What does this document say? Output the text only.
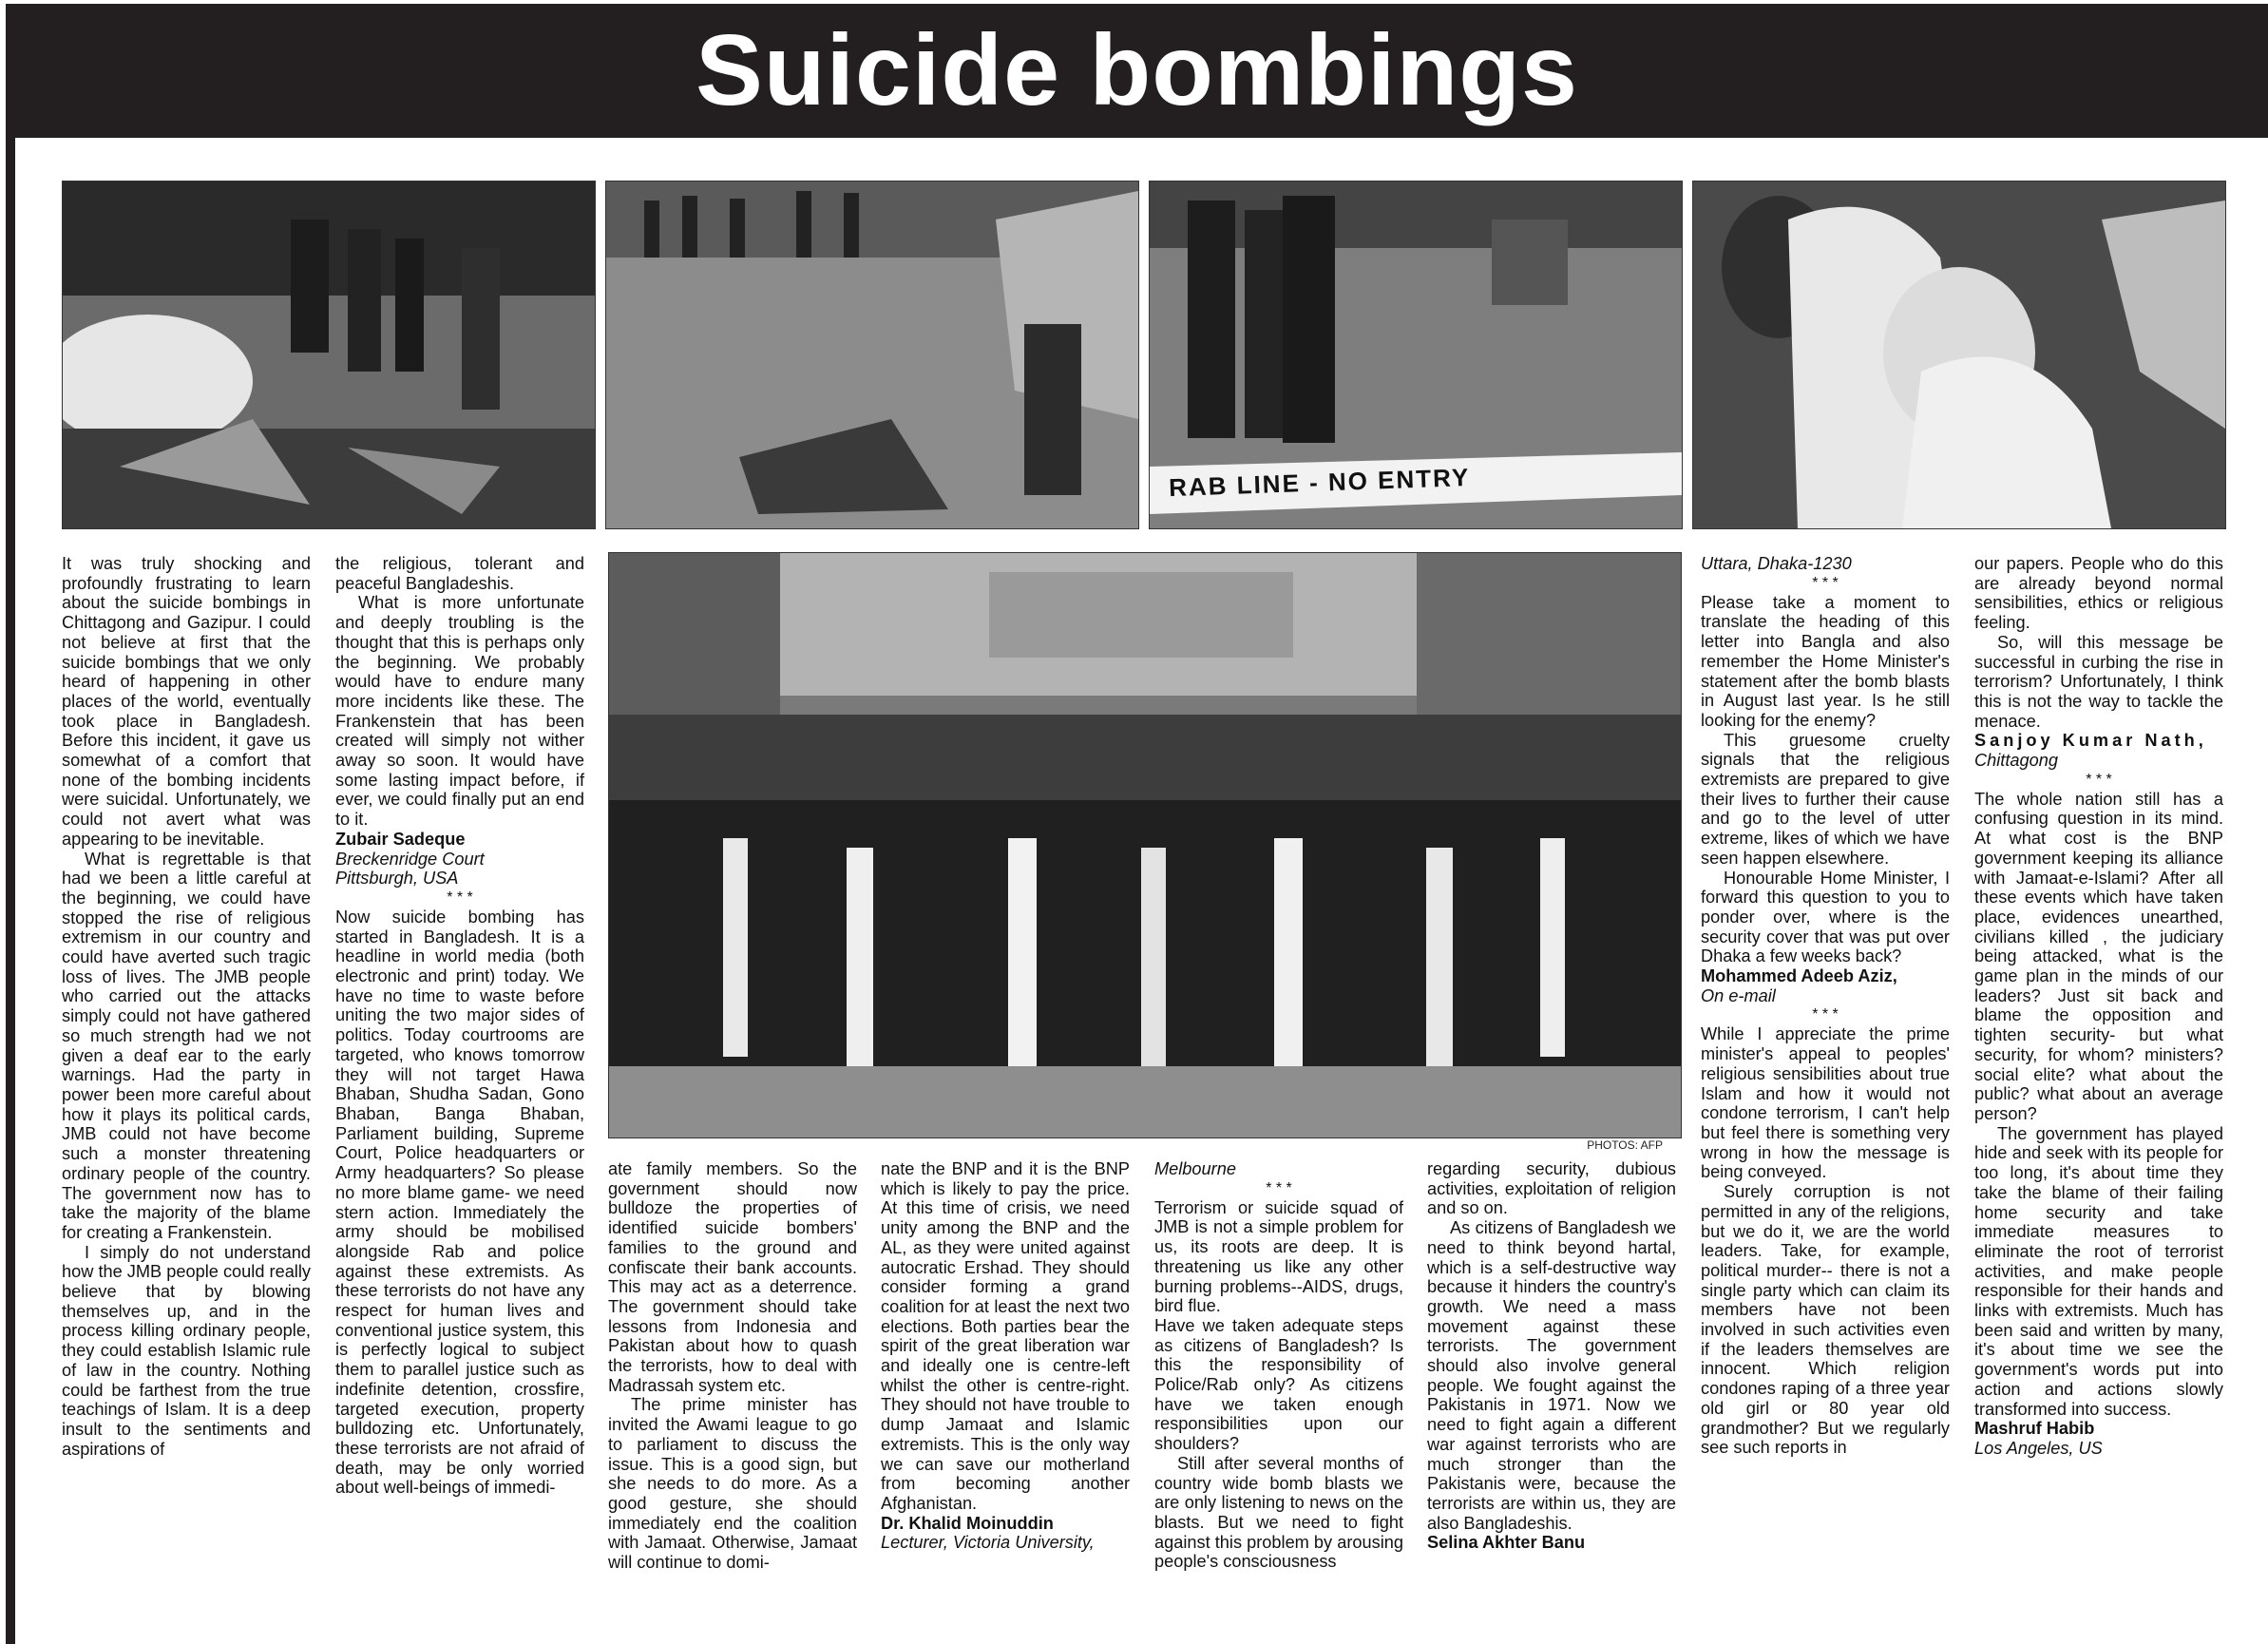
Suicide bombings
RAB LINE - NO ENTRY
PHOTOS: AFP

It was truly shocking and profoundly frustrating to learn about the suicide bombings in Chittagong and Gazipur. I could not believe at first that the suicide bombings that we only heard of happening in other places of the world, eventually took place in Bangladesh. Before this incident, it gave us somewhat of a comfort that none of the bombing incidents were suicidal. Unfortunately, we could not avert what was appearing to be inevitable.

What is regrettable is that had we been a little careful at the beginning, we could have stopped the rise of religious extremism in our country and could have averted such tragic loss of lives. The JMB people who carried out the attacks simply could not have gathered so much strength had we not given a deaf ear to the early warnings. Had the party in power been more careful about how it plays its political cards, JMB could not have become such a monster threatening ordinary people of the country. The government now has to take the majority of the blame for creating a Frankenstein.

I simply do not understand how the JMB people could really believe that by blowing themselves up, and in the process killing ordinary people, they could establish Islamic rule of law in the country. Nothing could be farthest from the true teachings of Islam. It is a deep insult to the sentiments and aspirations of

the religious, tolerant and peaceful Bangladeshis.

What is more unfortunate and deeply troubling is the thought that this is perhaps only the beginning. We probably would have to endure many more incidents like these. The Frankenstein that has been created will simply not wither away so soon. It would have some lasting impact before, if ever, we could finally put an end to it.

Zubair Sadeque
Breckenridge Court
Pittsburgh, USA
* * *

Now suicide bombing has started in Bangladesh. It is a headline in world media (both electronic and print) today. We have no time to waste before uniting the two major sides of politics. Today courtrooms are targeted, who knows tomorrow they will not target Hawa Bhaban, Shudha Sadan, Gono Bhaban, Banga Bhaban, Parliament building, Supreme Court, Police headquarters or Army headquarters? So please no more blame game- we need stern action. Immediately the army should be mobilised alongside Rab and police against these extremists. As these terrorists do not have any respect for human lives and conventional justice system, this is perfectly logical to subject them to parallel justice such as indefinite detention, crossfire, targeted execution, property bulldozing etc. Unfortunately, these terrorists are not afraid of death, may be only worried about well-beings of immedi-

ate family members. So the government should now bulldoze the properties of identified suicide bombers' families to the ground and confiscate their bank accounts. This may act as a deterrence. The government should take lessons from Indonesia and Pakistan about how to quash the terrorists, how to deal with Madrassah system etc.

The prime minister has invited the Awami league to go to parliament to discuss the issue. This is a good sign, but she needs to do more. As a good gesture, she should immediately end the coalition with Jamaat. Otherwise, Jamaat will continue to domi-

nate the BNP and it is the BNP which is likely to pay the price. At this time of crisis, we need unity among the BNP and the AL, as they were united against autocratic Ershad. They should consider forming a grand coalition for at least the next two elections. Both parties bear the spirit of the great liberation war and ideally one is centre-left whilst the other is centre-right. They should not have trouble to dump Jamaat and Islamic extremists. This is the only way we can save our motherland from becoming another Afghanistan.

Dr. Khalid Moinuddin
Lecturer, Victoria University,
Melbourne
* * *

Terrorism or suicide squad of JMB is not a simple problem for us, its roots are deep. It is threatening us like any other burning problems--AIDS, drugs, bird flue.

Have we taken adequate steps as citizens of Bangladesh? Is this the responsibility of Police/Rab only? As citizens have we taken enough responsibilities upon our shoulders?

Still after several months of country wide bomb blasts we are only listening to news on the blasts. But we need to fight against this problem by arousing people's consciousness

regarding security, dubious activities, exploitation of religion and so on.

As citizens of Bangladesh we need to think beyond hartal, which is a self-destructive way because it hinders the country's growth. We need a mass movement against these terrorists. The government should also involve general people. We fought against the Pakistanis in 1971. Now we need to fight again a different war against terrorists who are much stronger than the Pakistanis were, because the terrorists are within us, they are also Bangladeshis.

Selina Akhter Banu
Uttara, Dhaka-1230
* * *

Please take a moment to translate the heading of this letter into Bangla and also remember the Home Minister's statement after the bomb blasts in August last year. Is he still looking for the enemy?

This gruesome cruelty signals that the religious extremists are prepared to give their lives to further their cause and go to the level of utter extreme, likes of which we have seen happen elsewhere.

Honourable Home Minister, I forward this question to you to ponder over, where is the security cover that was put over Dhaka a few weeks back?

Mohammed Adeeb Aziz,
On e-mail
* * *

While I appreciate the prime minister's appeal to peoples' religious sensibilities about true Islam and how it would not condone terrorism, I can't help but feel there is something very wrong in how the message is being conveyed.

Surely corruption is not permitted in any of the religions, but we do it, we are the world leaders. Take, for example, political murder-- there is not a single party which can claim its members have not been involved in such activities even if the leaders themselves are innocent. Which religion condones raping of a three year old girl or 80 year old grandmother? But we regularly see such reports in

our papers. People who do this are already beyond normal sensibilities, ethics or religious feeling.

So, will this message be successful in curbing the rise in terrorism? Unfortunately, I think this is not the way to tackle the menace.

Sanjoy Kumar Nath,
Chittagong
* * *

The whole nation still has a confusing question in its mind. At what cost is the BNP government keeping its alliance with Jamaat-e-Islami? After all these events which have taken place, evidences unearthed, civilians killed , the judiciary being attacked, what is the game plan in the minds of our leaders? Just sit back and blame the opposition and tighten security- but what security, for whom? ministers? social elite? what about the public? what about an average person?

The government has played hide and seek with its people for too long, it's about time they take the blame of their failing home security and take immediate measures to eliminate the root of terrorist activities, and make people responsible for their hands and links with extremists. Much has been said and written by many, it's about time we see the government's words put into action and actions slowly transformed into success.

Mashruf Habib
Los Angeles, US
